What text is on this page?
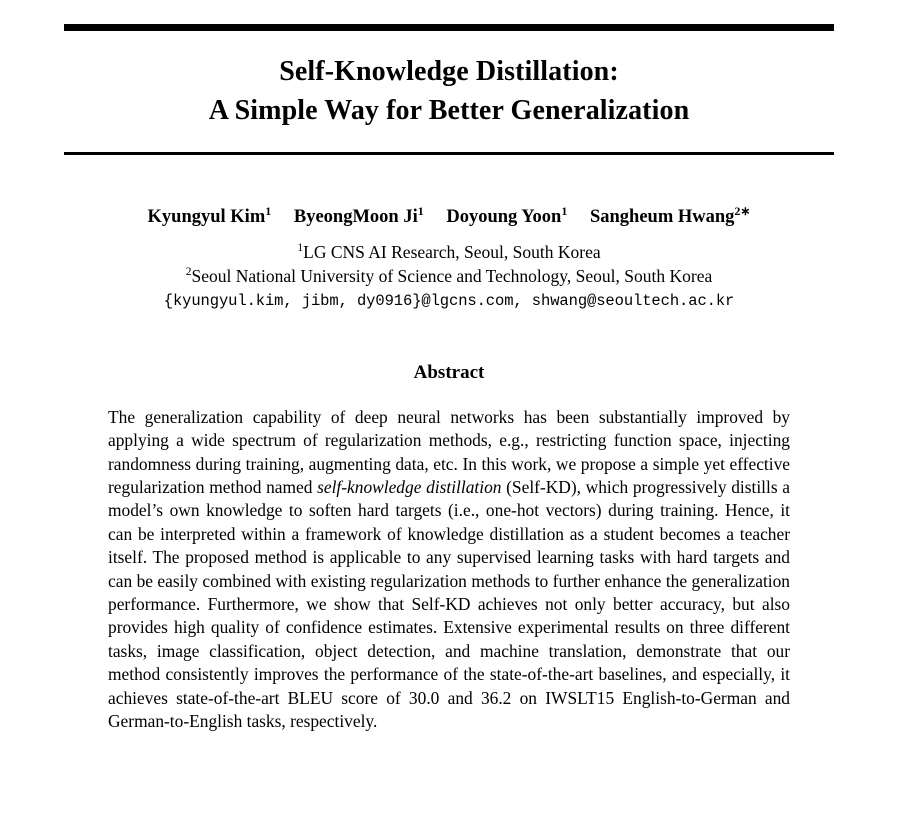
Self-Knowledge Distillation:
A Simple Way for Better Generalization
Kyungyul Kim$^1$ ByeongMoon Ji$^1$ Doyoung Yoon$^1$ Sangheum Hwang$^{2∗}$
$^1$LG CNS AI Research, Seoul, South Korea
$^2$Seoul National University of Science and Technology, Seoul, South Korea
{kyungyul.kim, jibm, dy0916}@lgcns.com, shwang@seoultech.ac.kr
Abstract
The generalization capability of deep neural networks has been substantially improved by applying a wide spectrum of regularization methods, e.g., restricting function space, injecting randomness during training, augmenting data, etc. In this work, we propose a simple yet effective regularization method named self-knowledge distillation (Self-KD), which progressively distills a model’s own knowledge to soften hard targets (i.e., one-hot vectors) during training. Hence, it can be interpreted within a framework of knowledge distillation as a student becomes a teacher itself. The proposed method is applicable to any supervised learning tasks with hard targets and can be easily combined with existing regularization methods to further enhance the generalization performance. Furthermore, we show that Self-KD achieves not only better accuracy, but also provides high quality of confidence estimates. Extensive experimental results on three different tasks, image classification, object detection, and machine translation, demonstrate that our method consistently improves the performance of the state-of-the-art baselines, and especially, it achieves state-of-the-art BLEU score of 30.0 and 36.2 on IWSLT15 English-to-German and German-to-English tasks, respectively.
